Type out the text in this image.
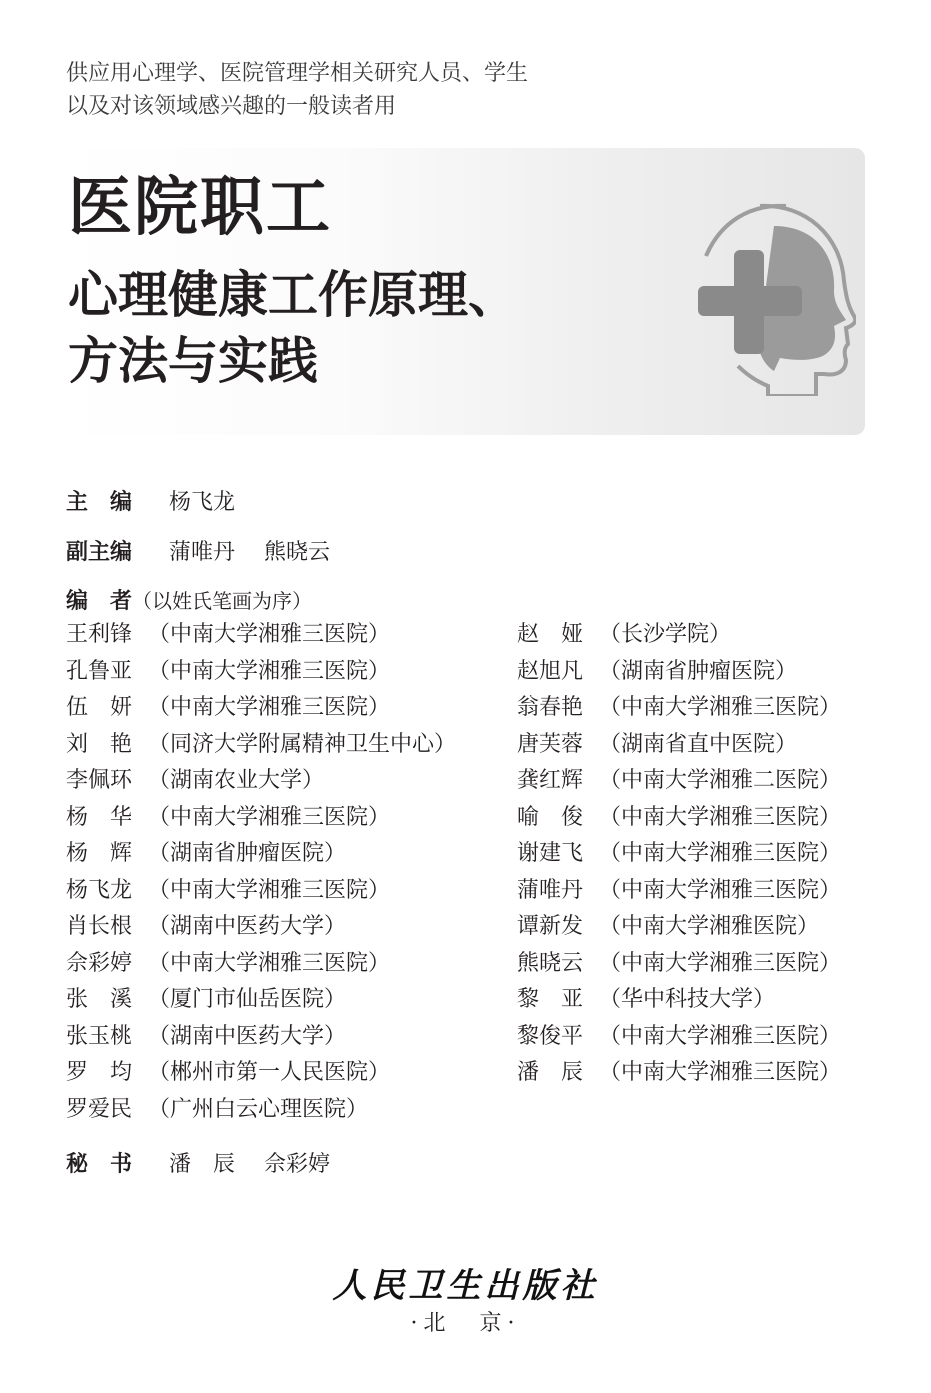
供应用心理学、医院管理学相关研究人员、学生
以及对该领域感兴趣的一般读者用
医院职工
心理健康工作原理、
方法与实践
主　编 杨飞龙
副主编 蒲唯丹 熊晓云
编　者（以姓氏笔画为序）
王利锋 （中南大学湘雅三医院）
孔鲁亚 （中南大学湘雅三医院）
伍　妍 （中南大学湘雅三医院）
刘　艳 （同济大学附属精神卫生中心）
李佩环 （湖南农业大学）
杨　华 （中南大学湘雅三医院）
杨　辉 （湖南省肿瘤医院）
杨飞龙 （中南大学湘雅三医院）
肖长根 （湖南中医药大学）
佘彩婷 （中南大学湘雅三医院）
张　溪 （厦门市仙岳医院）
张玉桃 （湖南中医药大学）
罗　均 （郴州市第一人民医院）
罗爱民 （广州白云心理医院）
赵　娅 （长沙学院）
赵旭凡 （湖南省肿瘤医院）
翁春艳 （中南大学湘雅三医院）
唐芙蓉 （湖南省直中医院）
龚红辉 （中南大学湘雅二医院）
喻　俊 （中南大学湘雅三医院）
谢建飞 （中南大学湘雅三医院）
蒲唯丹 （中南大学湘雅三医院）
谭新发 （中南大学湘雅医院）
熊晓云 （中南大学湘雅三医院）
黎　亚 （华中科技大学）
黎俊平 （中南大学湘雅三医院）
潘　辰 （中南大学湘雅三医院）
秘　书 潘　辰 佘彩婷
人民卫生出版社
·北　京·
